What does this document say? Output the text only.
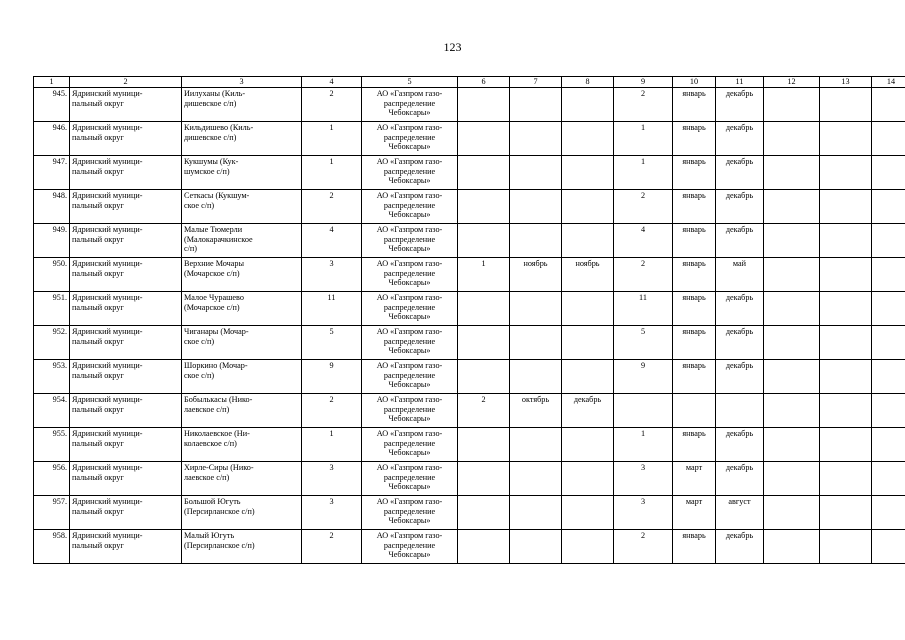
123
1	2	3	4	5	6	7	8	9	10	11	12	13	14
945.	Ядринский муници-
пальный округ	Иилуханы (Киль-
дишевское с/п)	2	АО «Газпром газо-
распределение
Чебоксары»				2	январь	декабрь			
946.	Ядринский муници-
пальный округ	Кильдишево (Киль-
дишевское с/п)	1	АО «Газпром газо-
распределение
Чебоксары»				1	январь	декабрь			
947.	Ядринский муници-
пальный округ	Кукшумы (Кук-
шумское с/п)	1	АО «Газпром газо-
распределение
Чебоксары»				1	январь	декабрь			
948.	Ядринский муници-
пальный округ	Сеткасы (Кукшум-
ское с/п)	2	АО «Газпром газо-
распределение
Чебоксары»				2	январь	декабрь			
949.	Ядринский муници-
пальный округ	Малые Тюмерли
(Малокарачкинское
с/п)	4	АО «Газпром газо-
распределение
Чебоксары»				4	январь	декабрь			
950.	Ядринский муници-
пальный округ	Верхние Мочары
(Мочарское с/п)	3	АО «Газпром газо-
распределение
Чебоксары»	1	ноябрь	ноябрь	2	январь	май			
951.	Ядринский муници-
пальный округ	Малое Чурашево
(Мочарское с/п)	11	АО «Газпром газо-
распределение
Чебоксары»				11	январь	декабрь			
952.	Ядринский муници-
пальный округ	Чиганары (Мочар-
ское с/п)	5	АО «Газпром газо-
распределение
Чебоксары»				5	январь	декабрь			
953.	Ядринский муници-
пальный округ	Шоркино (Мочар-
ское с/п)	9	АО «Газпром газо-
распределение
Чебоксары»				9	январь	декабрь			
954.	Ядринский муници-
пальный округ	Бобылькасы (Нико-
лаевское с/п)	2	АО «Газпром газо-
распределение
Чебоксары»	2	октябрь	декабрь						
955.	Ядринский муници-
пальный округ	Николаевское (Ни-
колаевское с/п)	1	АО «Газпром газо-
распределение
Чебоксары»				1	январь	декабрь			
956.	Ядринский муници-
пальный округ	Хирле-Сиры (Нико-
лаевское с/п)	3	АО «Газпром газо-
распределение
Чебоксары»				3	март	декабрь			
957.	Ядринский муници-
пальный округ	Большой Югуть
(Персирланское с/п)	3	АО «Газпром газо-
распределение
Чебоксары»				3	март	август			
958.	Ядринский муници-
пальный округ	Малый Югуть
(Персирланское с/п)	2	АО «Газпром газо-
распределение
Чебоксары»				2	январь	декабрь			
